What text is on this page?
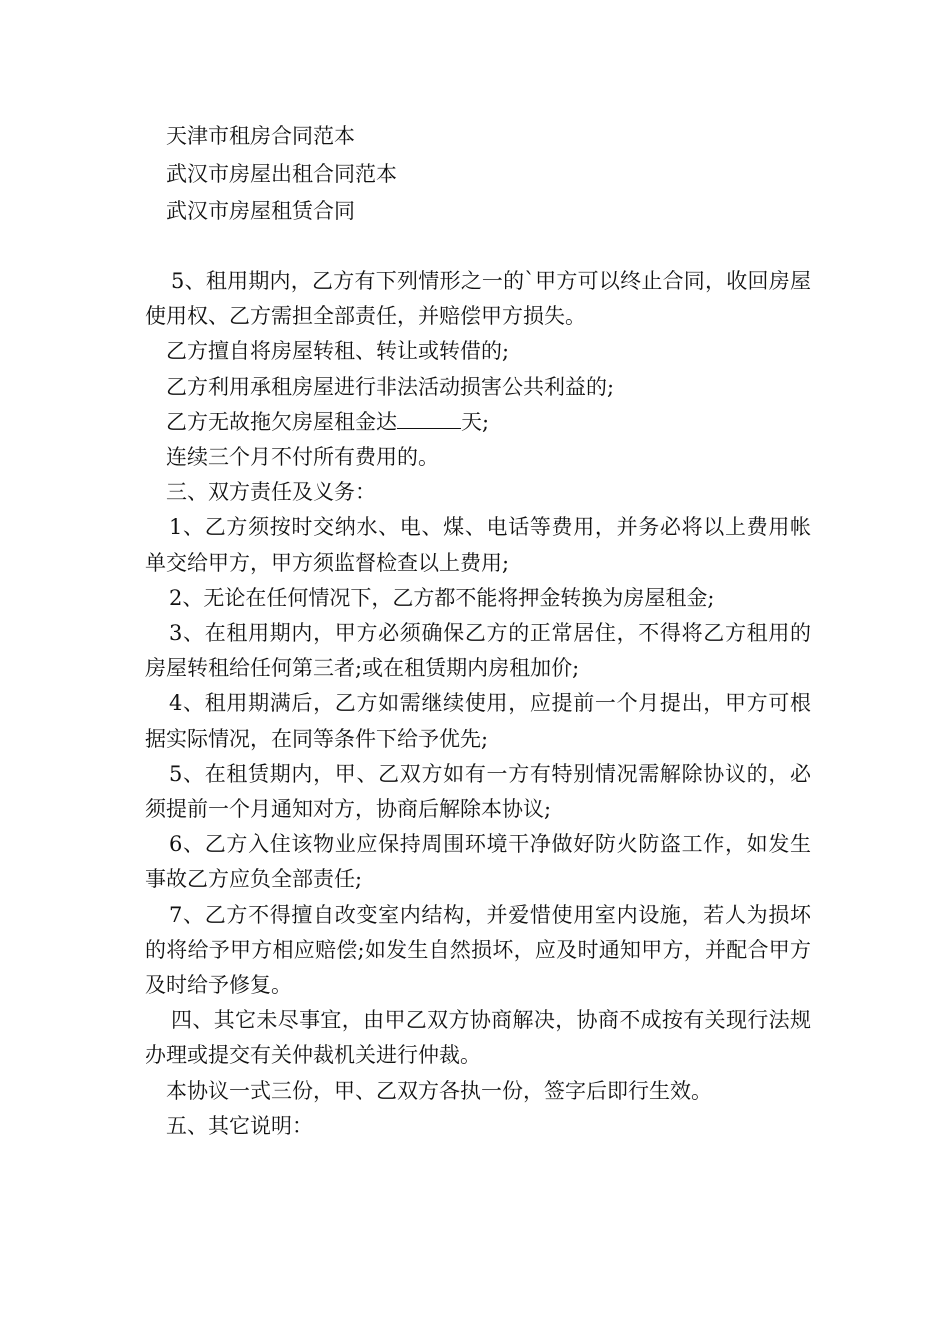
天津市租房合同范本
武汉市房屋出租合同范本
武汉市房屋租赁合同

5、租用期内，乙方有下列情形之一的`甲方可以终止合同，收回房屋使用权、乙方需担全部责任，并赔偿甲方损失。

乙方擅自将房屋转租、转让或转借的;

乙方利用承租房屋进行非法活动损害公共利益的;

乙方无故拖欠房屋租金达	天;

连续三个月不付所有费用的。

三、双方责任及义务：

1、乙方须按时交纳水、电、煤、电话等费用，并务必将以上费用帐单交给甲方，甲方须监督检查以上费用;

2、无论在任何情况下，乙方都不能将押金转换为房屋租金;

3、在租用期内，甲方必须确保乙方的正常居住，不得将乙方租用的房屋转租给任何第三者;或在租赁期内房租加价;

4、租用期满后，乙方如需继续使用，应提前一个月提出，甲方可根据实际情况，在同等条件下给予优先;

5、在租赁期内，甲、乙双方如有一方有特别情况需解除协议的，必须提前一个月通知对方，协商后解除本协议;

6、乙方入住该物业应保持周围环境干净做好防火防盗工作，如发生事故乙方应负全部责任;

7、乙方不得擅自改变室内结构，并爱惜使用室内设施，若人为损坏的将给予甲方相应赔偿;如发生自然损坏，应及时通知甲方，并配合甲方及时给予修复。

四、其它未尽事宜，由甲乙双方协商解决，协商不成按有关现行法规办理或提交有关仲裁机关进行仲裁。

本协议一式三份，甲、乙双方各执一份，签字后即行生效。

五、其它说明：
